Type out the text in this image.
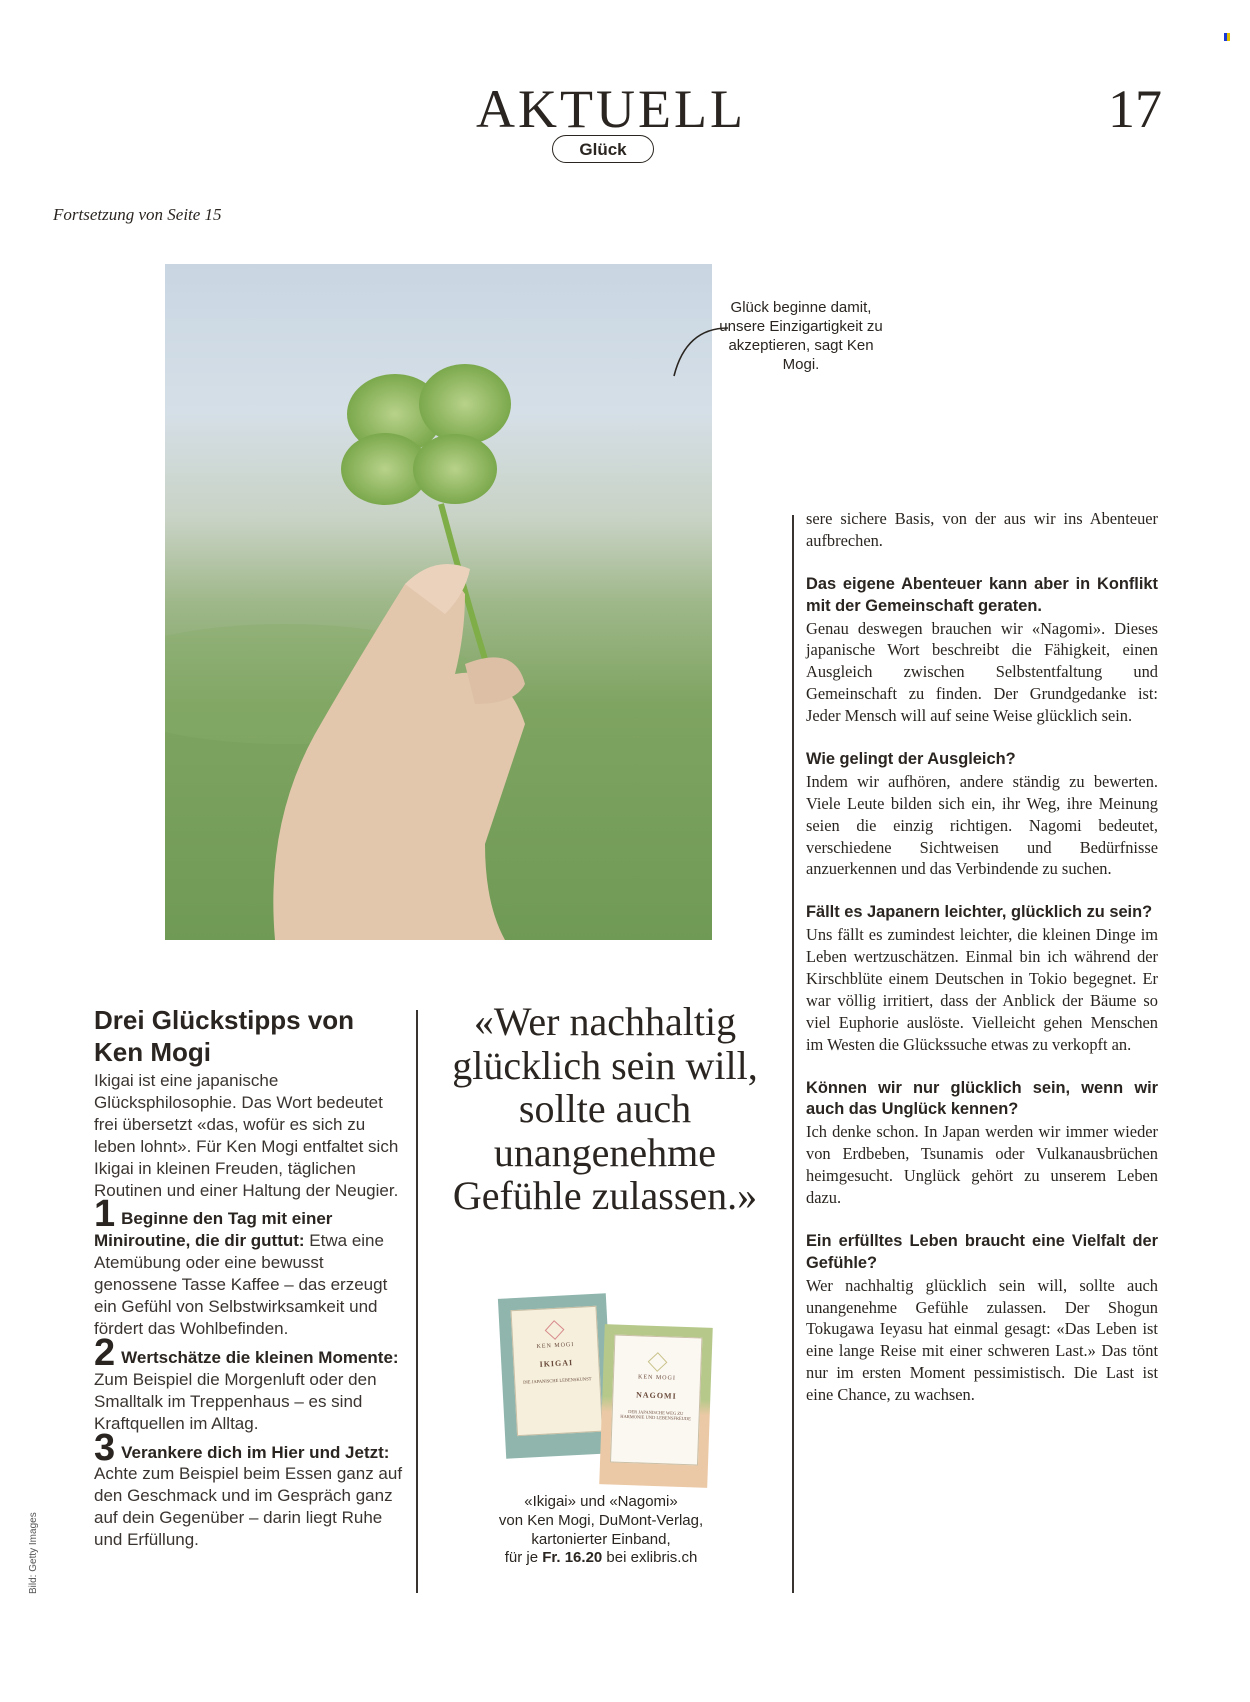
AKTUELL	17
Glück
Fortsetzung von Seite 15
Glück beginne damit, unsere Einzigartigkeit zu akzeptieren, sagt Ken Mogi.
Drei Glückstipps von Ken Mogi

Ikigai ist eine japanische Glücksphilosophie. Das Wort bedeutet frei übersetzt «das, wofür es sich zu leben lohnt». Für Ken Mogi entfaltet sich Ikigai in kleinen Freuden, täglichen Routinen und einer Haltung der Neugier.

1 Beginne den Tag mit einer Miniroutine, die dir guttut: Etwa eine Atemübung oder eine bewusst genossene Tasse Kaffee – das erzeugt ein Gefühl von Selbstwirksamkeit und fördert das Wohlbefinden.

2 Wertschätze die kleinen Momente: Zum Beispiel die Morgenluft oder den Smalltalk im Treppenhaus – es sind Kraftquellen im Alltag.

3 Verankere dich im Hier und Jetzt: Achte zum Beispiel beim Essen ganz auf den Geschmack und im Gespräch ganz auf dein Gegenüber – darin liegt Ruhe und Erfüllung.

«Wer nachhaltig glücklich sein will, sollte auch unangenehme Gefühle zulassen.»
KEN MOGI
IKIGAI
DIE JAPANISCHE LEBENSKUNST	KEN MOGI
NAGOMI
DER JAPANISCHE WEG ZU HARMONIE UND LEBENSFREUDE
«Ikigai» und «Nagomi»
von Ken Mogi, DuMont-Verlag,
kartonierter Einband,
für je Fr. 16.20 bei exlibris.ch

sere sichere Basis, von der aus wir ins Abenteuer aufbrechen.

Das eigene Abenteuer kann aber in Konflikt mit der Gemeinschaft geraten.

Genau deswegen brauchen wir «Nagomi». Dieses japanische Wort beschreibt die Fähigkeit, einen Ausgleich zwischen Selbstentfaltung und Gemeinschaft zu finden. Der Grundgedanke ist: Jeder Mensch will auf seine Weise glücklich sein.

Wie gelingt der Ausgleich?

Indem wir aufhören, andere ständig zu bewerten. Viele Leute bilden sich ein, ihr Weg, ihre Meinung seien die einzig richtigen. Nagomi bedeutet, verschiedene Sichtweisen und Bedürfnisse anzuerkennen und das Verbindende zu suchen.

Fällt es Japanern leichter, glücklich zu sein?

Uns fällt es zumindest leichter, die kleinen Dinge im Leben wertzuschätzen. Einmal bin ich während der Kirschblüte einem Deutschen in Tokio begegnet. Er war völlig irritiert, dass der Anblick der Bäume so viel Euphorie auslöste. Vielleicht gehen Menschen im Westen die Glückssuche etwas zu verkopft an.

Können wir nur glücklich sein, wenn wir auch das Unglück kennen?

Ich denke schon. In Japan werden wir immer wieder von Erdbeben, Tsunamis oder Vulkanausbrüchen heimgesucht. Unglück gehört zu unserem Leben dazu.

Ein erfülltes Leben braucht eine Vielfalt der Gefühle?

Wer nachhaltig glücklich sein will, sollte auch unangenehme Gefühle zulassen. Der Shogun Tokugawa Ieyasu hat einmal gesagt: «Das Leben ist eine lange Reise mit einer schweren Last.» Das tönt nur im ersten Moment pessimistisch. Die Last ist eine Chance, zu wachsen.

Bild: Getty Images
